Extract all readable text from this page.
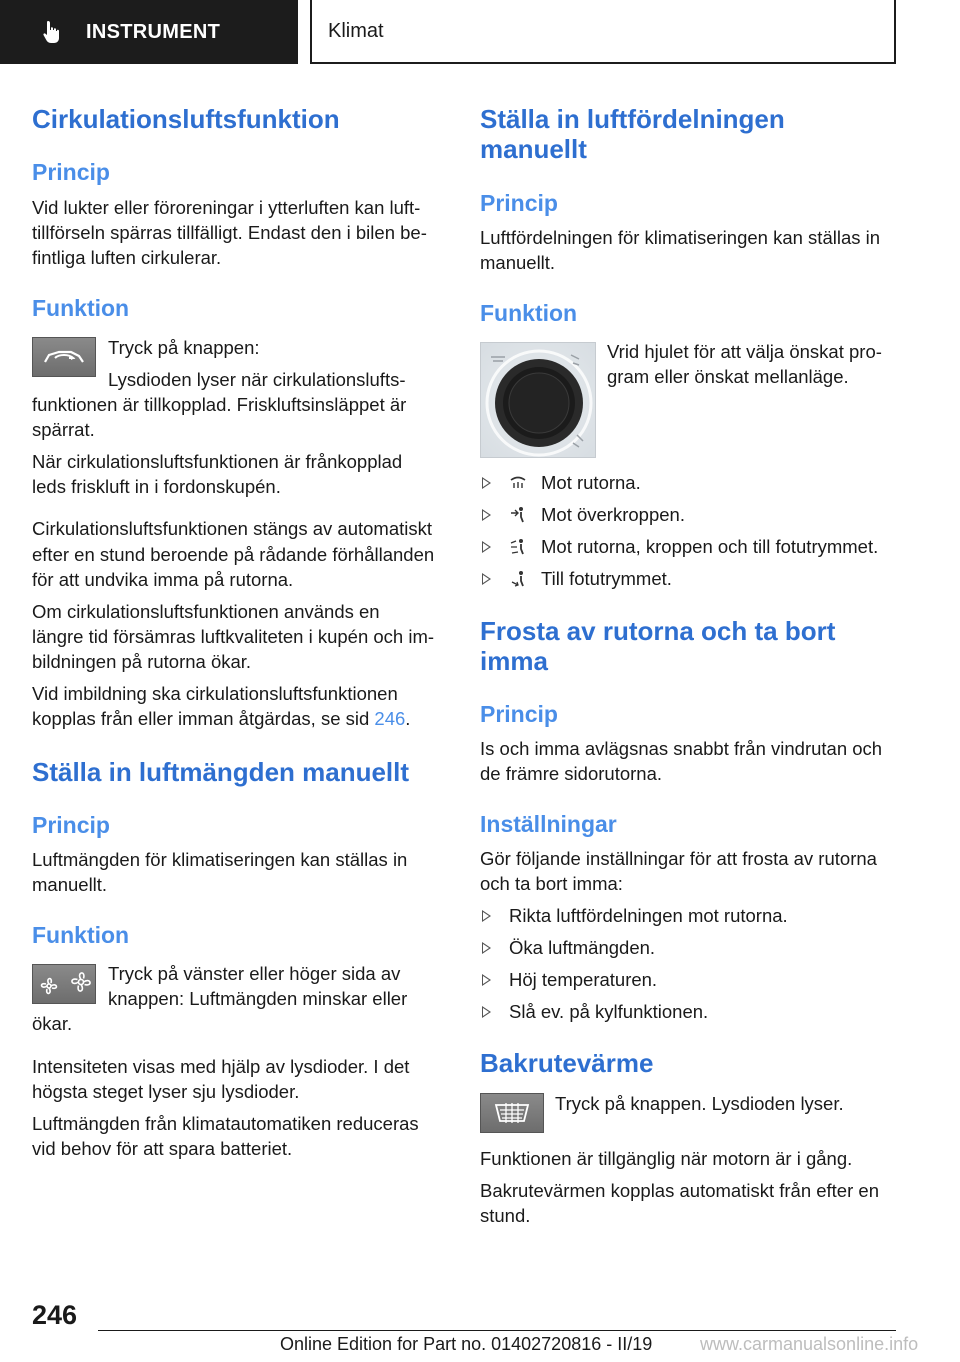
INSTRUMENT	Klimat
Cirkulationsluftsfunktion
Princip
Vid lukter eller föroreningar i ytterluften kan luft-
tillförseln spärras tillfälligt. Endast den i bilen be-
fintliga luften cirkulerar.
Funktion
Tryck på knappen:
Lysdioden lyser när cirkulationslufts-
funktionen är tillkopplad. Friskluftsinsläppet är
spärrat.
När cirkulationsluftsfunktionen är frånkopplad
leds friskluft in i fordonskupén.
Cirkulationsluftsfunktionen stängs av automatiskt
efter en stund beroende på rådande förhållanden
för att undvika imma på rutorna.
Om cirkulationsluftsfunktionen används en
längre tid försämras luftkvaliteten i kupén och im-
bildningen på rutorna ökar.
Vid imbildning ska cirkulationsluftsfunktionen
kopplas från eller imman åtgärdas, se sid 246.
Ställa in luftmängden manuellt
Princip
Luftmängden för klimatiseringen kan ställas in
manuellt.
Funktion
Tryck på vänster eller höger sida av
knappen: Luftmängden minskar eller
ökar.
Intensiteten visas med hjälp av lysdioder. I det
högsta steget lyser sju lysdioder.
Luftmängden från klimatautomatiken reduceras
vid behov för att spara batteriet.
Ställa in luftfördelningen
manuellt
Princip
Luftfördelningen för klimatiseringen kan ställas in
manuellt.
Funktion
Vrid hjulet för att välja önskat pro-
gram eller önskat mellanläge.
Mot rutorna.
Mot överkroppen.
Mot rutorna, kroppen och till fotutrymmet.
Till fotutrymmet.
Frosta av rutorna och ta bort
imma
Princip
Is och imma avlägsnas snabbt från vindrutan och
de främre sidorutorna.
Inställningar
Gör följande inställningar för att frosta av rutorna
och ta bort imma:
Rikta luftfördelningen mot rutorna.
Öka luftmängden.
Höj temperaturen.
Slå ev. på kylfunktionen.
Bakrutevärme
Tryck på knappen. Lysdioden lyser.
Funktionen är tillgänglig när motorn är i gång.
Bakrutevärmen kopplas automatiskt från efter en
stund.
246
Online Edition for Part no. 01402720816 - II/19	www.carmanualsonline.info
